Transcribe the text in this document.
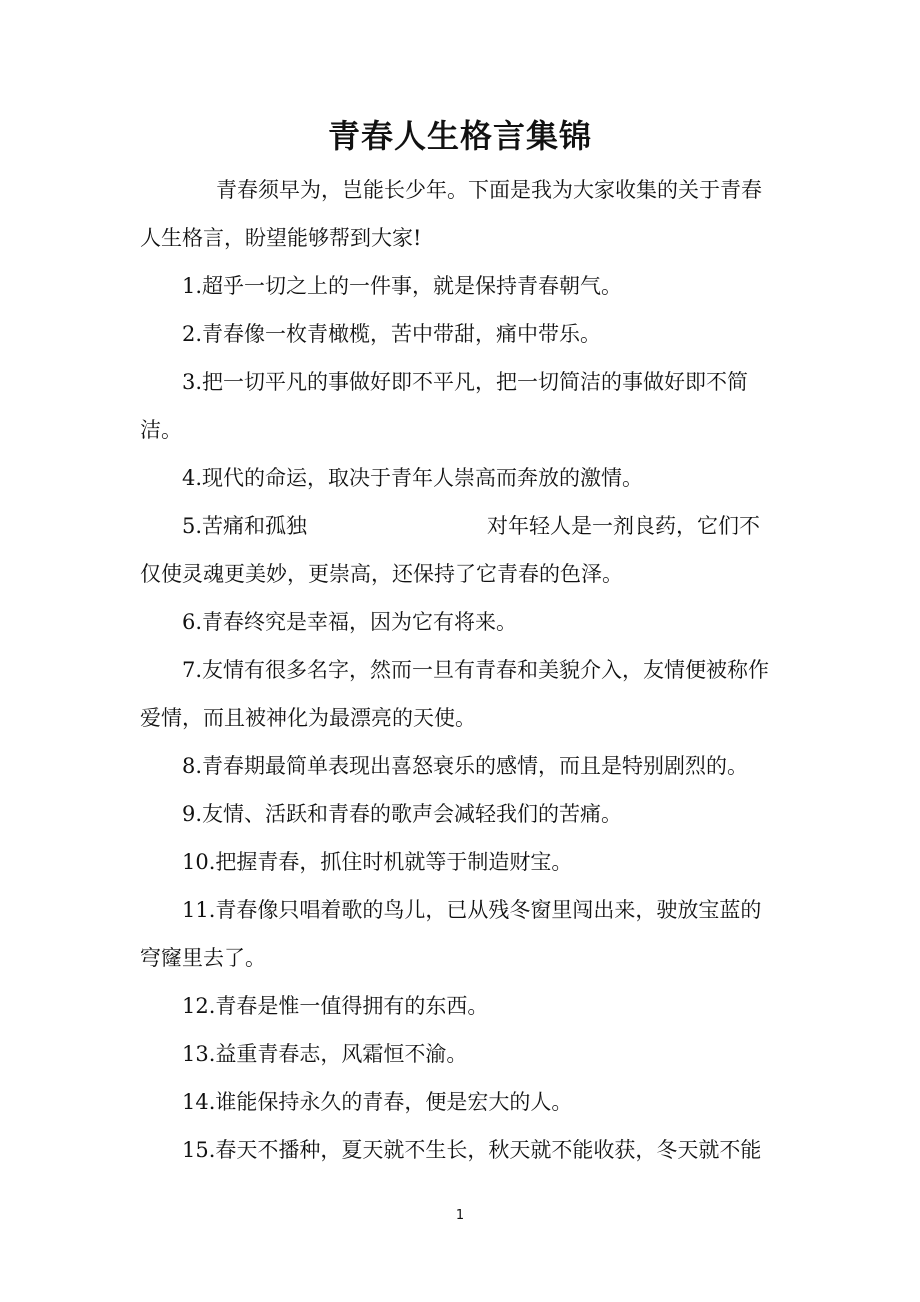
青春人生格言集锦

青春须早为，岂能长少年。下面是我为大家收集的关于青春人生格言，盼望能够帮到大家!

1.超乎一切之上的一件事，就是保持青春朝气。

2.青春像一枚青橄榄，苦中带甜，痛中带乐。

3.把一切平凡的事做好即不平凡，把一切简洁的事做好即不简洁。

4.现代的命运，取决于青年人崇高而奔放的激情。

5.苦痛和孤独	对年轻人是一剂良药，它们不仅使灵魂更美妙，更崇高，还保持了它青春的色泽。

6.青春终究是幸福，因为它有将来。

7.友情有很多名字，然而一旦有青春和美貌介入，友情便被称作爱情，而且被神化为最漂亮的天使。

8.青春期最简单表现出喜怒衰乐的感情，而且是特别剧烈的。

9.友情、活跃和青春的歌声会减轻我们的苦痛。

10.把握青春，抓住时机就等于制造财宝。

11.青春像只唱着歌的鸟儿，已从残冬窗里闯出来，驶放宝蓝的穹窿里去了。

12.青春是惟一值得拥有的东西。

13.益重青春志，风霜恒不渝。

14.谁能保持永久的青春，便是宏大的人。

15.春天不播种，夏天就不生长，秋天就不能收获，冬天就不能

1
